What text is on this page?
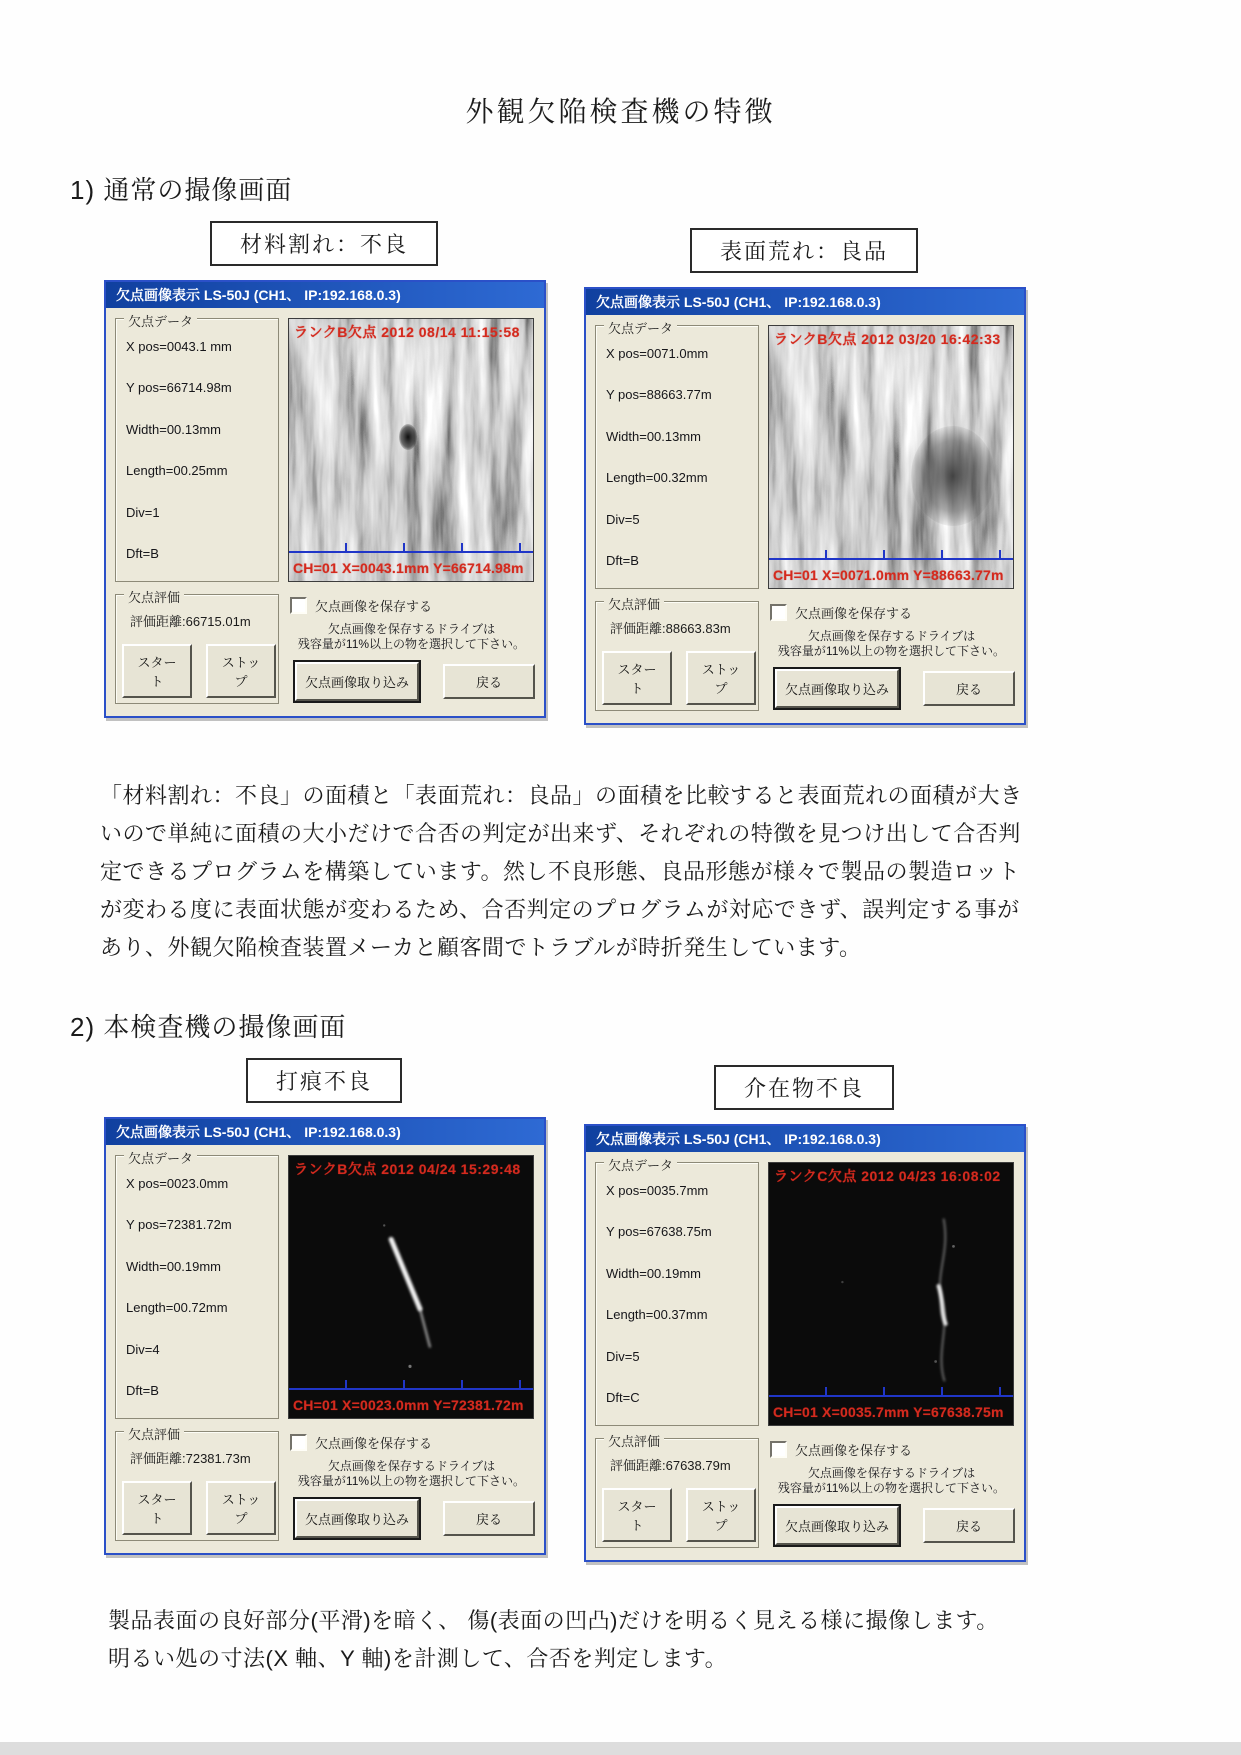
外観欠陥検査機の特徴
1) 通常の撮像画面
材料割れ：不良
欠点画像表示 LS-50J (CH1、 IP:192.168.0.3)
欠点データ
X pos=0043.1 mm
Y pos=66714.98m
Width=00.13mm
Length=00.25mm
Div=1
Dft=B
ランクB欠点 2012 08/14 11:15:58
CH=01 X=0043.1mm Y=66714.98m
欠点評価
評価距離:66715.01m
スタート
ストップ
欠点画像を保存する
欠点画像を保存するドライブは
残容量が11%以上の物を選択して下さい。
欠点画像取り込み	戻る
表面荒れ：良品
欠点画像表示 LS-50J (CH1、 IP:192.168.0.3)
欠点データ
X pos=0071.0mm
Y pos=88663.77m
Width=00.13mm
Length=00.32mm
Div=5
Dft=B
ランクB欠点 2012 03/20 16:42:33
CH=01 X=0071.0mm Y=88663.77m
欠点評価
評価距離:88663.83m
スタート
ストップ
欠点画像を保存する
欠点画像を保存するドライブは
残容量が11%以上の物を選択して下さい。
欠点画像取り込み	戻る
「材料割れ：不良」の面積と「表面荒れ：良品」の面積を比較すると表面荒れの面積が大き
いので単純に面積の大小だけで合否の判定が出来ず、それぞれの特徴を見つけ出して合否判
定できるプログラムを構築しています。然し不良形態、良品形態が様々で製品の製造ロット
が変わる度に表面状態が変わるため、合否判定のプログラムが対応できず、誤判定する事が
あり、外観欠陥検査装置メーカと顧客間でトラブルが時折発生しています。
2) 本検査機の撮像画面
打痕不良
欠点画像表示 LS-50J (CH1、 IP:192.168.0.3)
欠点データ
X pos=0023.0mm
Y pos=72381.72m
Width=00.19mm
Length=00.72mm
Div=4
Dft=B
ランクB欠点 2012 04/24 15:29:48
CH=01 X=0023.0mm Y=72381.72m
欠点評価
評価距離:72381.73m
スタート
ストップ
欠点画像を保存する
欠点画像を保存するドライブは
残容量が11%以上の物を選択して下さい。
欠点画像取り込み	戻る
介在物不良
欠点画像表示 LS-50J (CH1、 IP:192.168.0.3)
欠点データ
X pos=0035.7mm
Y pos=67638.75m
Width=00.19mm
Length=00.37mm
Div=5
Dft=C
ランクC欠点 2012 04/23 16:08:02
CH=01 X=0035.7mm Y=67638.75m
欠点評価
評価距離:67638.79m
スタート
ストップ
欠点画像を保存する
欠点画像を保存するドライブは
残容量が11%以上の物を選択して下さい。
欠点画像取り込み	戻る
製品表面の良好部分(平滑)を暗く、 傷(表面の凹凸)だけを明るく見える様に撮像します。
明るい処の寸法(X 軸、Y 軸)を計測して、合否を判定します。
